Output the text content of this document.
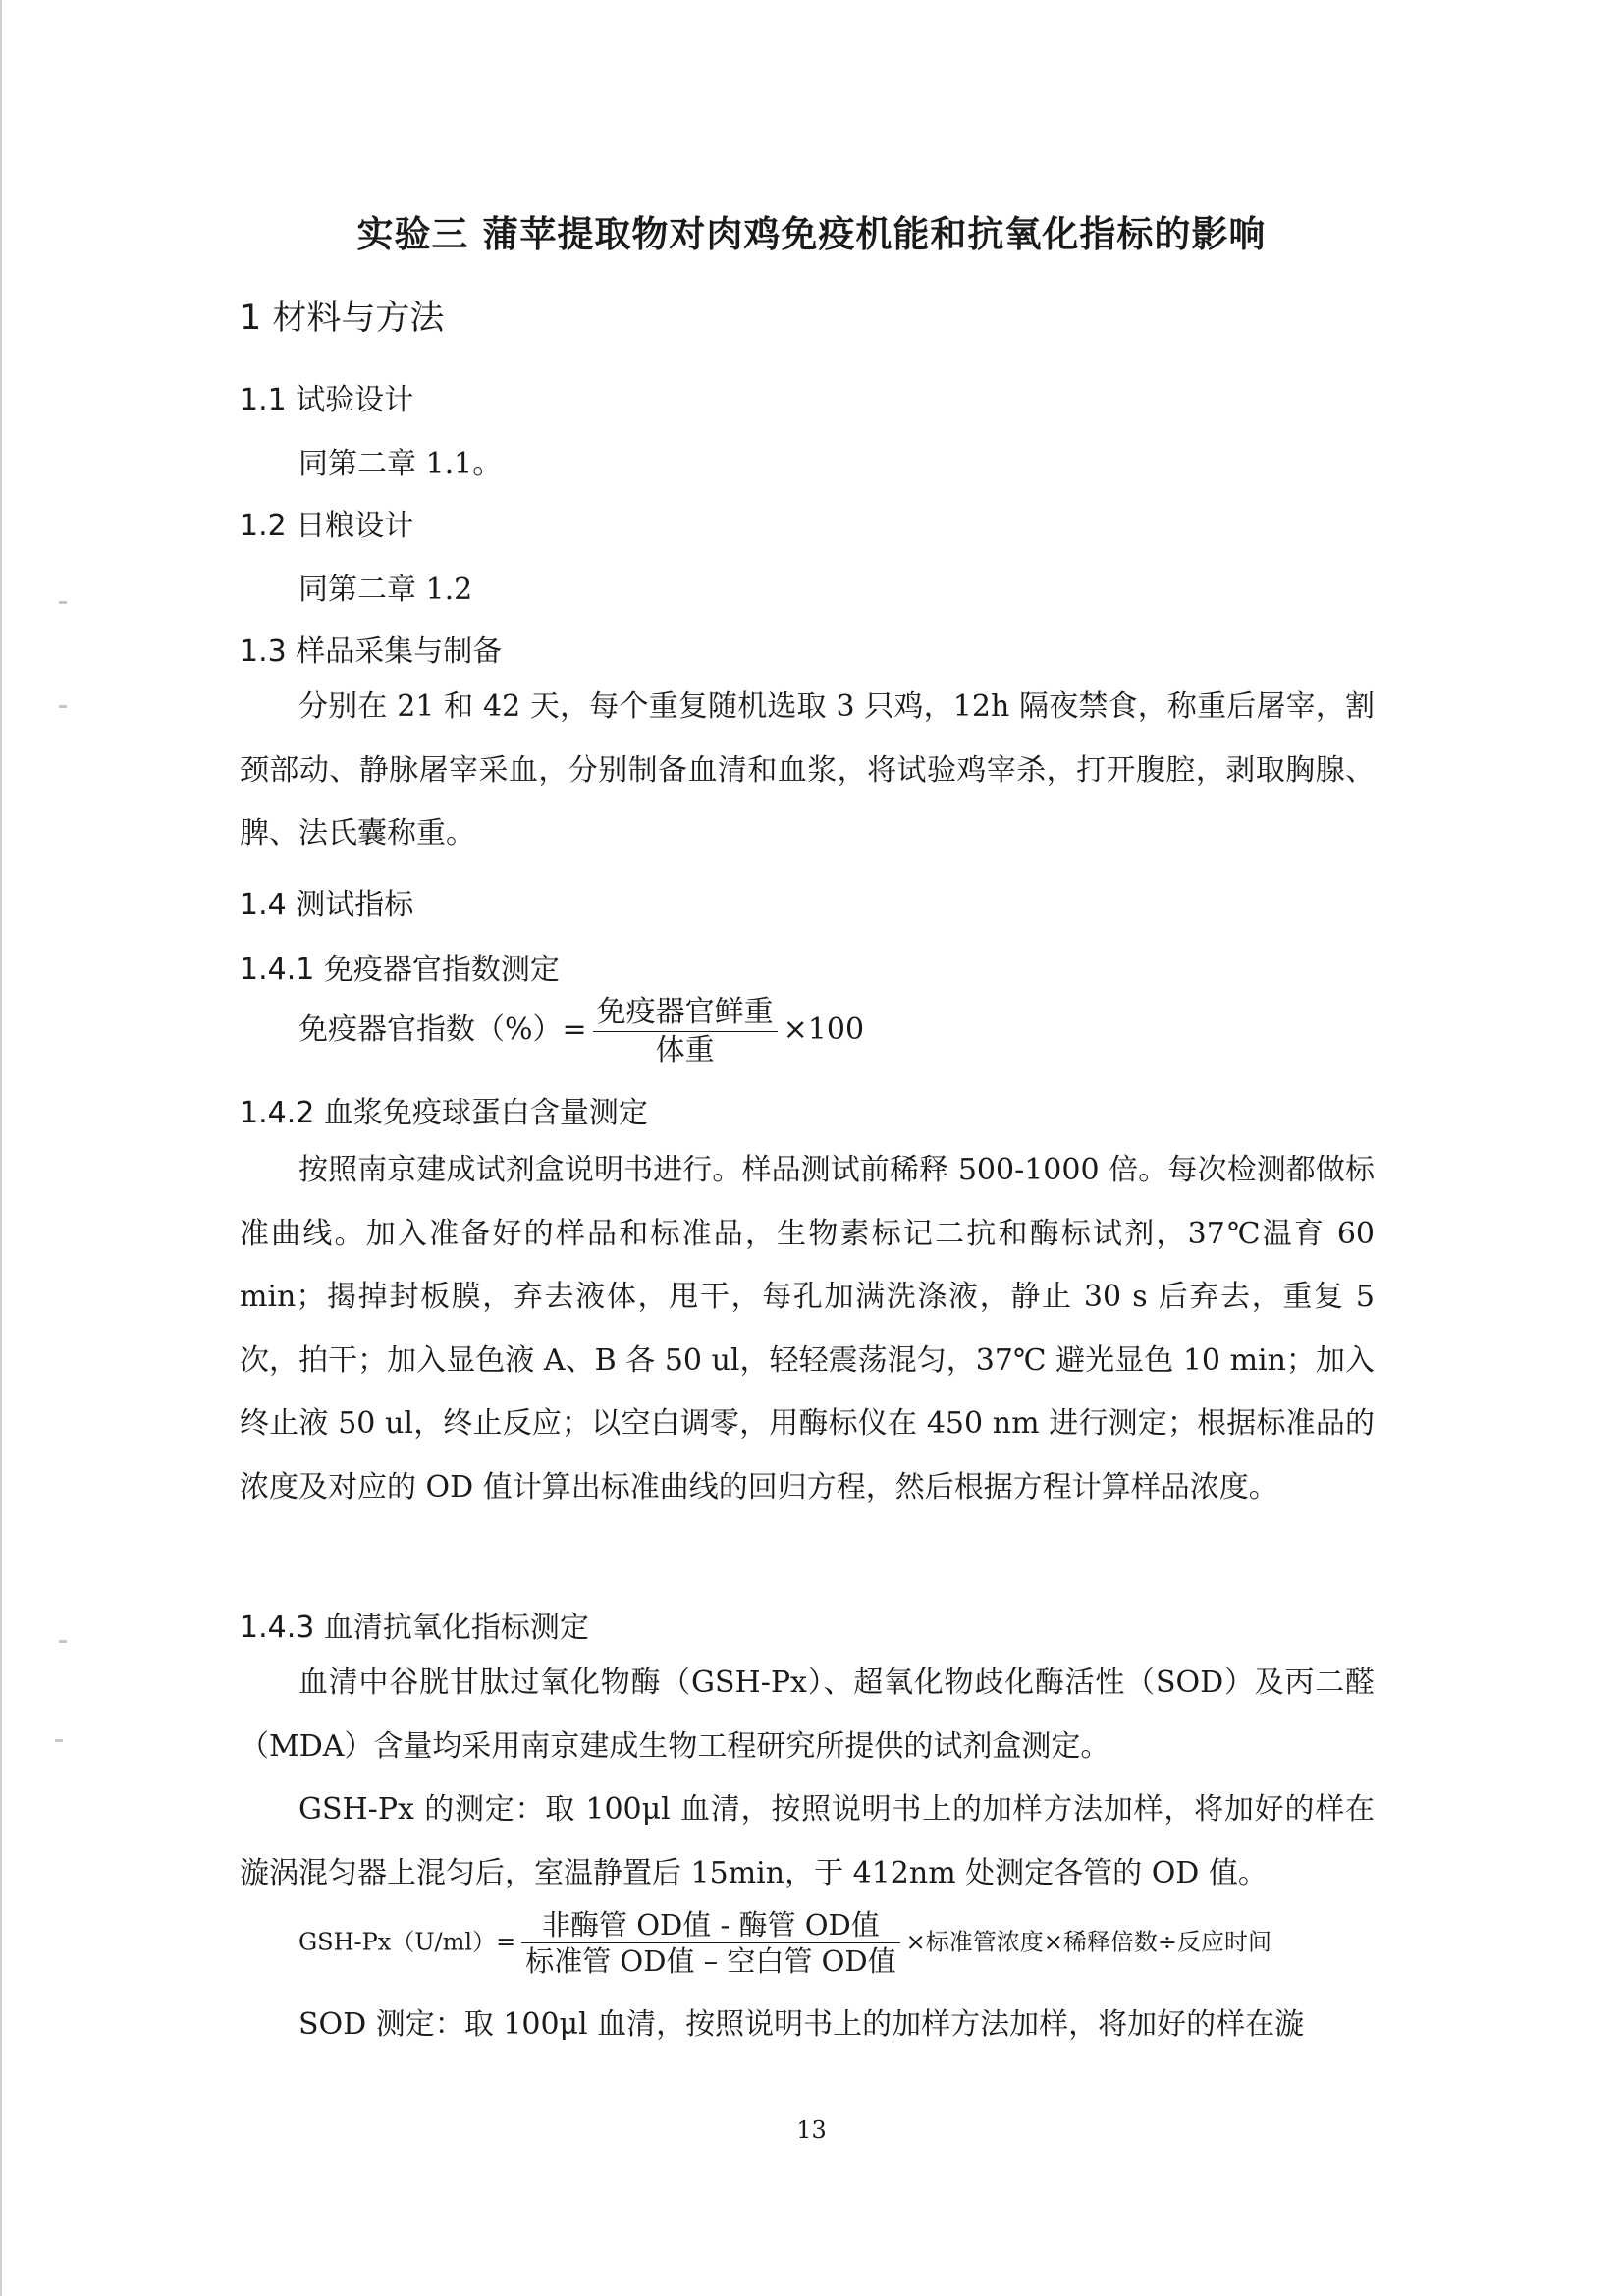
实验三 蒲苹提取物对肉鸡免疫机能和抗氧化指标的影响
1 材料与方法
1.1 试验设计
同第二章 1.1。
1.2 日粮设计
同第二章 1.2
1.3 样品采集与制备
分别在 21 和 42 天，每个重复随机选取 3 只鸡，12h 隔夜禁食，称重后屠宰，割颈部动、静脉屠宰采血，分别制备血清和血浆，将试验鸡宰杀，打开腹腔，剥取胸腺、脾、法氏囊称重。
1.4 测试指标
1.4.1 免疫器官指数测定
免疫器官指数（%）= $\frac{\text{免疫器官鲜重}}{\text{体重}} \times 100$
1.4.2 血浆免疫球蛋白含量测定
按照南京建成试剂盒说明书进行。样品测试前稀释 500-1000 倍。每次检测都做标准曲线。加入准备好的样品和标准品，生物素标记二抗和酶标试剂，37℃温育 60 min；揭掉封板膜，弃去液体，甩干，每孔加满洗涤液，静止 30 s 后弃去，重复 5 次，拍干；加入显色液 A、B 各 50 ul，轻轻震荡混匀，37℃ 避光显色 10 min；加入终止液 50 ul，终止反应；以空白调零，用酶标仪在 450 nm 进行测定；根据标准品的浓度及对应的 OD 值计算出标准曲线的回归方程，然后根据方程计算样品浓度。
1.4.3 血清抗氧化指标测定
血清中谷胱甘肽过氧化物酶（GSH-Px）、超氧化物歧化酶活性（SOD）及丙二醛（MDA）含量均采用南京建成生物工程研究所提供的试剂盒测定。
GSH-Px 的测定：取 100μl 血清，按照说明书上的加样方法加样，将加好的样在漩涡混匀器上混匀后，室温静置后 15min，于 412nm 处测定各管的 OD 值。
$GSH-Px(U/ml)= \frac{\text{非酶管 OD值 - 酶管 OD值}}{\text{标准管 OD值 – 空白管 OD值}}$ ×标准管浓度×稀释倍数÷反应时间
SOD 测定：取 100μl 血清，按照说明书上的加样方法加样，将加好的样在漩
13
